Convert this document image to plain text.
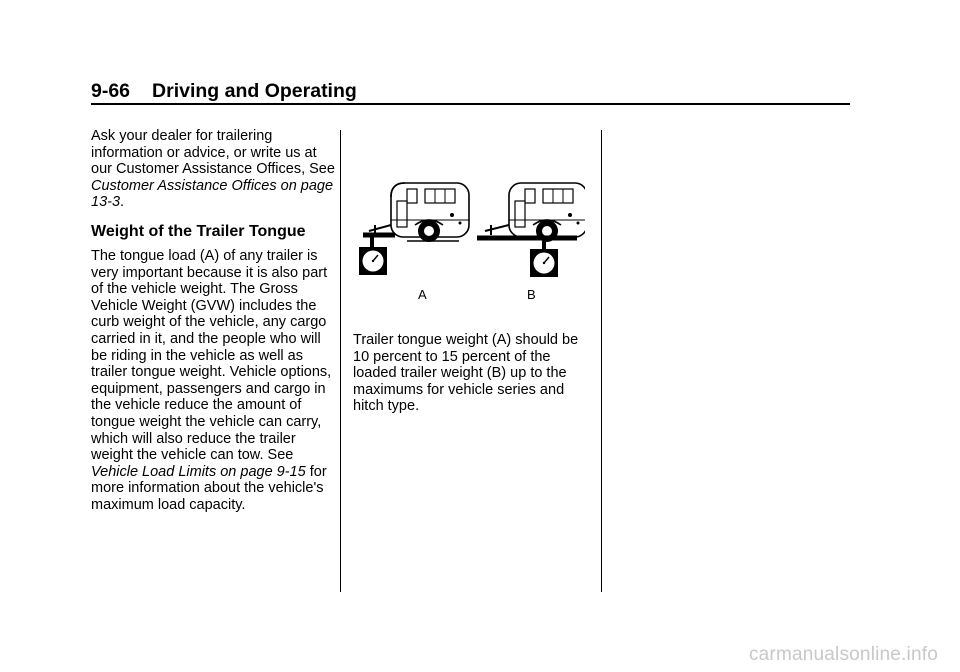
9-66 Driving and Operating

Ask your dealer for trailering information or advice, or write us at our Customer Assistance Offices, See Customer Assistance Offices on page 13-3.

Weight of the Trailer Tongue

The tongue load (A) of any trailer is very important because it is also part of the vehicle weight. The Gross Vehicle Weight (GVW) includes the curb weight of the vehicle, any cargo carried in it, and the people who will be riding in the vehicle as well as trailer tongue weight. Vehicle options, equipment, passengers and cargo in the vehicle reduce the amount of tongue weight the vehicle can carry, which will also reduce the trailer weight the vehicle can tow. See Vehicle Load Limits on page 9-15 for more information about the vehicle's maximum load capacity.

A	B

Trailer tongue weight (A) should be 10 percent to 15 percent of the loaded trailer weight (B) up to the maximums for vehicle series and hitch type.

carmanualsonline.info
